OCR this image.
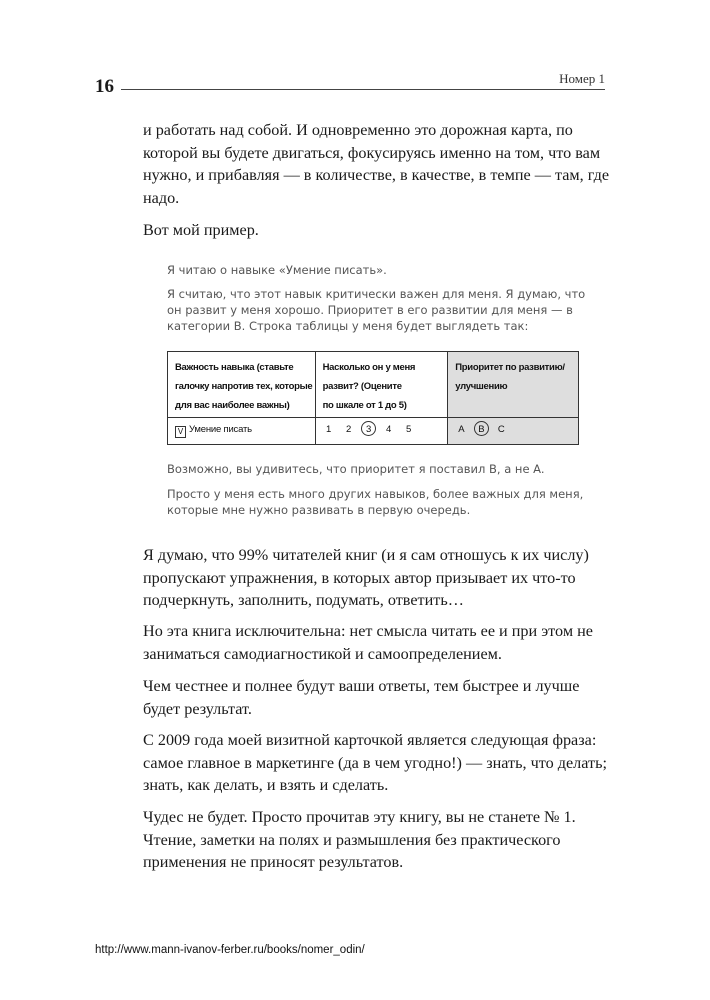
16	Номер 1

и работать над собой. И одновременно это дорожная карта, по которой вы будете двигаться, фокусируясь именно на том, что вам нужно, и прибавляя — в количестве, в качестве, в темпе — там, где надо.

Вот мой пример.

Я читаю о навыке «Умение писать».

Я считаю, что этот навык критически важен для меня. Я думаю, что он развит у меня хорошо. Приоритет в его развитии для меня — в категории B. Строка таблицы у меня будет выглядеть так:

Важность навыка (ставьте
галочку напротив тех, которые
для вас наиболее важны)	Насколько он у меня
развит? (Оцените
по шкале от 1 до 5)	Приоритет по развитию/
улучшению
V Умение писать	1 2 3 4 5	A B C

Возможно, вы удивитесь, что приоритет я поставил B, а не A.

Просто у меня есть много других навыков, более важных для меня, которые мне нужно развивать в первую очередь.

Я думаю, что 99% читателей книг (и я сам отношусь к их числу) пропускают упражнения, в которых автор призывает их что-то подчеркнуть, заполнить, подумать, ответить…

Но эта книга исключительна: нет смысла читать ее и при этом не заниматься самодиагностикой и самоопределением.

Чем честнее и полнее будут ваши ответы, тем быстрее и лучше будет результат.

С 2009 года моей визитной карточкой является следующая фраза: самое главное в маркетинге (да в чем угодно!) — знать, что делать; знать, как делать, и взять и сделать.

Чудес не будет. Просто прочитав эту книгу, вы не станете № 1. Чтение, заметки на полях и размышления без практического применения не приносят результатов.

http://www.mann-ivanov-ferber.ru/books/nomer_odin/
